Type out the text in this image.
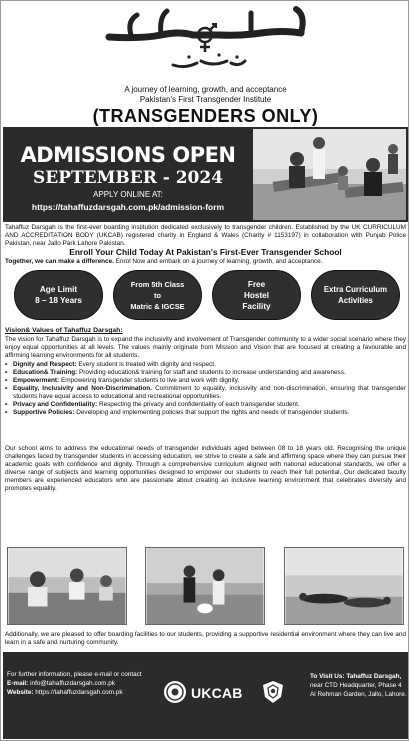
A journey of learning, growth, and acceptance
Pakistan's First Transgender Institute
(TRANSGENDERS ONLY)
ADMISSIONS OPEN
SEPTEMBER - 2024
APPLY ONLINE AT:
https://tahaffuzdarsgah.com.pk/admission-form
Tahaffuz Darsgah is the first-ever boarding institution dedicated exclusively to transgender children. Established by the UK CURRICULUM AND ACCREDITATION BODY (UKCAB) registered charity in England & Wales (Charity # 1153197) in collaboration with Punjab Police Pakistan, near Jallo Park Lahore Pakistan.
Enroll Your Child Today At Pakistan's First-Ever Transgender School
Together, we can make a difference. Enrol Now and embark on a journey of learning, growth, and acceptance.
Age Limit
8 – 18 Years
From 5th Class
to
Matric & IGCSE
Free
Hostel
Facility
Extra Curriculum
Activities
Vision& Values of Tahaffuz Darsgah:
The vision for Tahaffuz Darsgah is to expand the inclusivity and involvement of Transgender community to a wider social scenario where they enjoy equal opportunities at all levels. The values mainly originate from Mission and Vision that are focused at creating a favourable and affirming learning environments for all students.
▪ Dignity and Respect: Every student is treated with dignity and respect.
▪ Education& Training: Providing education& training for staff and students to increase understanding and awareness.
▪ Empowerment: Empowering transgender students to live and work with dignity.
▪ Equality, Inclusivity and Non-Discrimination. Commitment to equality, inclusivity and non-discrimination, ensuring that transgender students have equal access to educational and recreational opportunities.
▪ Privacy and Confidentiality: Respecting the privacy and confidentiality of each transgender student.
▪ Supportive Policies: Developing and implementing policies that support the rights and needs of transgender students.
Our school aims to address the educational needs of transgender individuals aged between 08 to 18 years old. Recognising the unique challenges faced by transgender students in accessing education, we strive to create a safe and affirming space where they can pursue their academic goals with confidence and dignity. Through a comprehensive curriculum aligned with national educational standards, we offer a diverse range of subjects and learning opportunities designed to empower our students to reach their full potential. Our dedicated faculty members are experienced educators who are passionate about creating an inclusive learning environment that celebrates diversity and promotes equality.
Additionally, we are pleased to offer boarding facilities to our students, providing a supportive residential environment where they can live and learn in a safe and nurturing community.
For further information, please e-mail or contact
E-mail: info@tahaffuzdarsgah.com.pk
Website: https://tahaffuzdarsgah.com.pk	UKCAB
To Visit Us: Tahaffuz Darsgah,
near CTD Headquarter, Phase 4
Al Rehman Garden, Jallo, Lahore.
